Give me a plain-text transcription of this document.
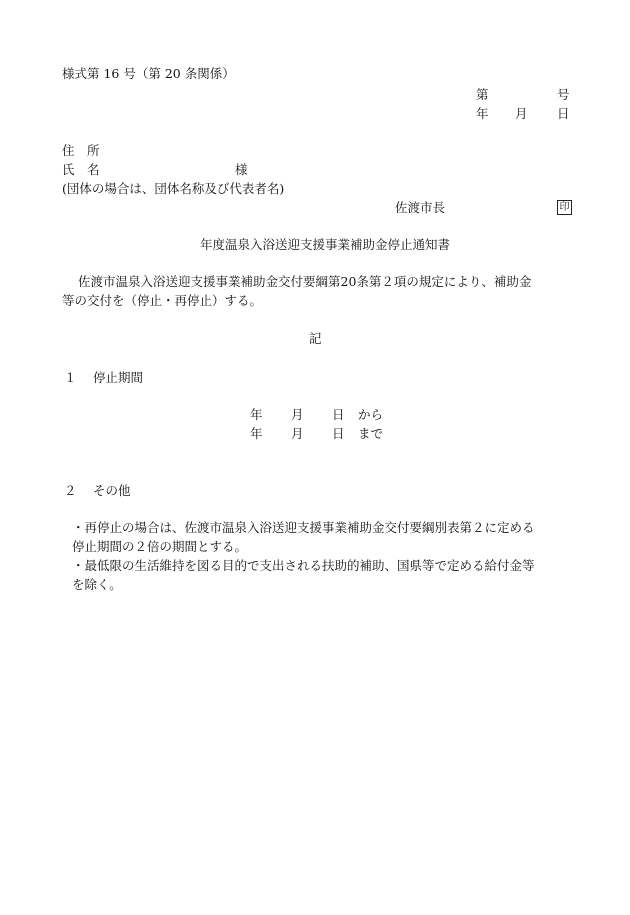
様式第 16 号（第 20 条関係）
第	号
年 月 日
住　所
氏　名	様
(団体の場合は、団体名称及び代表者名)
佐渡市長	印
年度温泉入浴送迎支援事業補助金停止通知書
佐渡市温泉入浴送迎支援事業補助金交付要綱第20条第２項の規定により、補助金
等の交付を（停止・再停止）する。
記
１　 停止期間
年 月 日 から
年 月 日 まで
２　 その他
・再停止の場合は、佐渡市温泉入浴送迎支援事業補助金交付要綱別表第２に定める
停止期間の２倍の期間とする。
・最低限の生活維持を図る目的で支出される扶助的補助、国県等で定める給付金等
を除く。
